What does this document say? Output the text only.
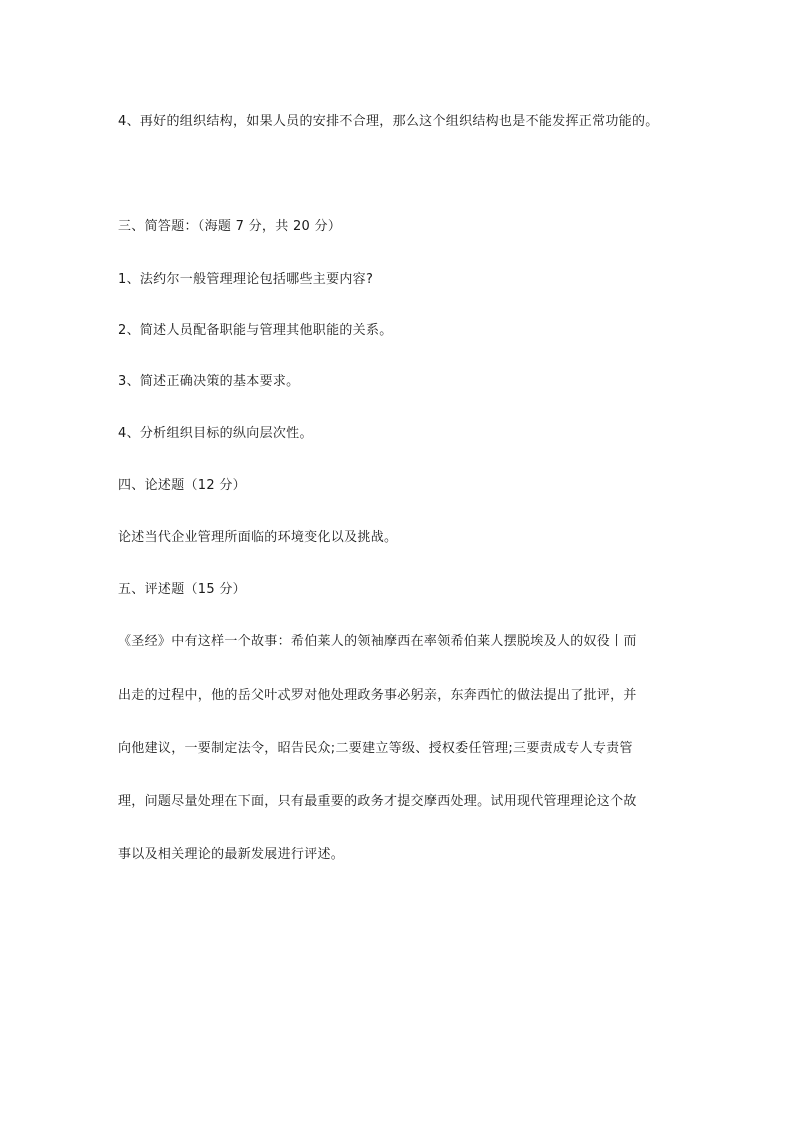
4、再好的组织结构，如果人员的安排不合理，那么这个组织结构也是不能发挥正常功能的。
三、简答题：（海题 7 分，共 20 分）
1、法约尔一般管理理论包括哪些主要内容?
2、简述人员配备职能与管理其他职能的关系。
3、简述正确决策的基本要求。
4、分析组织目标的纵向层次性。
四、论述题（12 分）
论述当代企业管理所面临的环境变化以及挑战。
五、评述题（15 分）
《圣经》中有这样一个故事：希伯莱人的领袖摩西在率领希伯莱人摆脱埃及人的奴役丨而
出走的过程中，他的岳父叶忒罗对他处理政务事必躬亲，东奔西忙的做法提出了批评，并
向他建议，一要制定法令，昭告民众;二要建立等级、授权委任管理;三要责成专人专责管
理，问题尽量处理在下面，只有最重要的政务才提交摩西处理。试用现代管理理论这个故
事以及相关理论的最新发展进行评述。
